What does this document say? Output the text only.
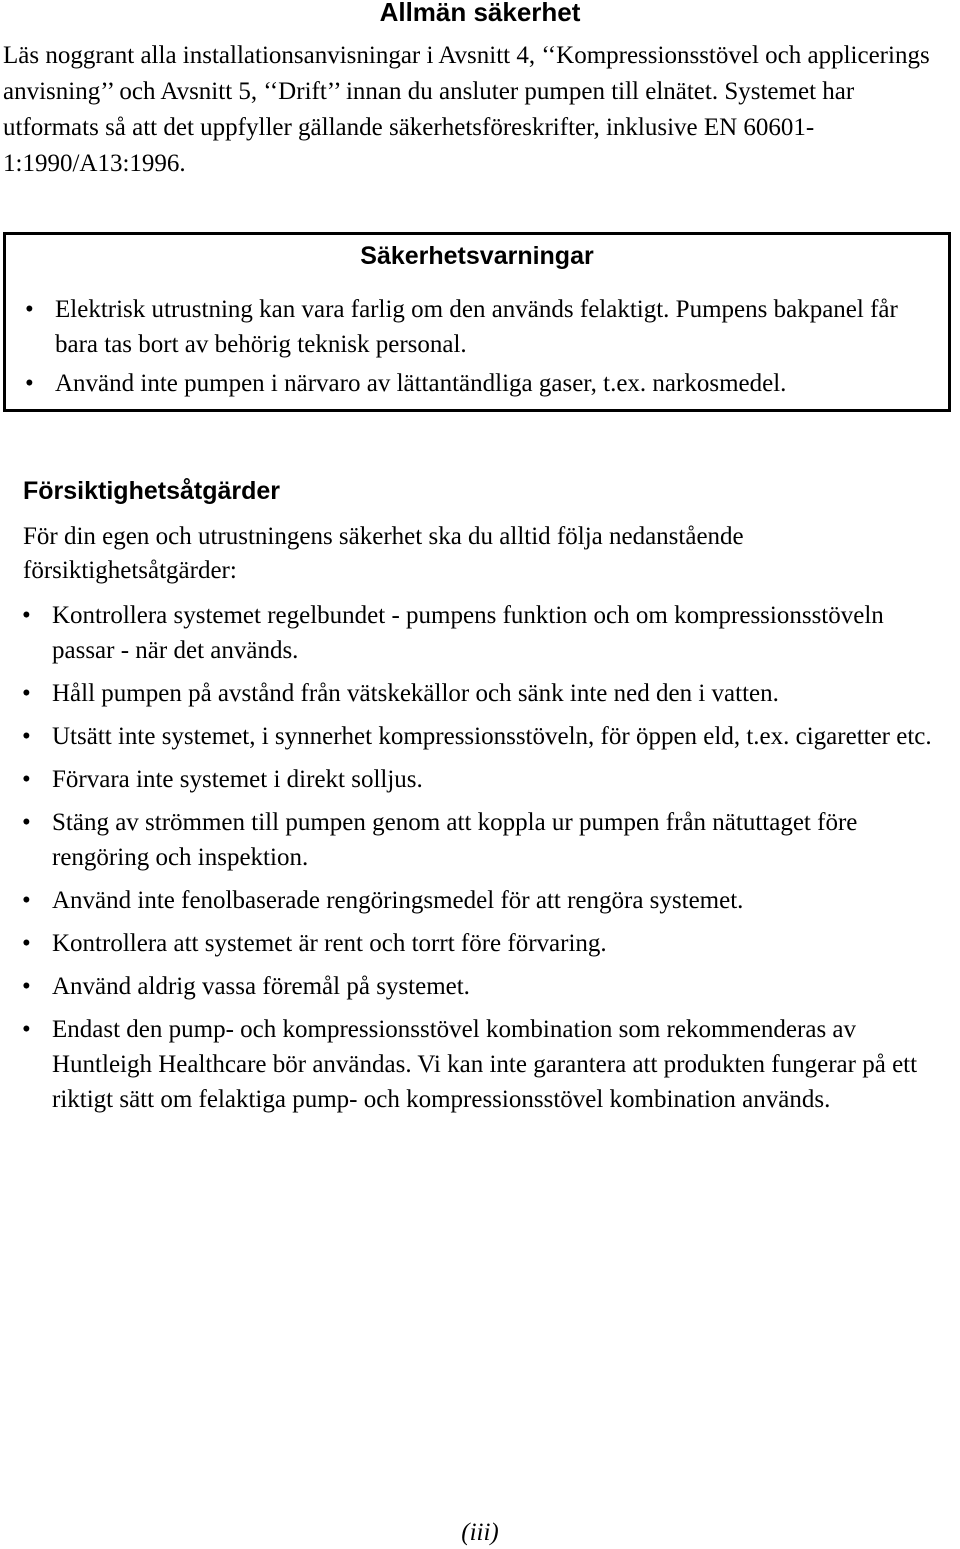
Allmän säkerhet

Läs noggrant alla installationsanvisningar i Avsnitt 4, ‘‘Kompressionsstövel och applicerings anvisning’’ och Avsnitt 5, ‘‘Drift’’ innan du ansluter pumpen till elnätet. Systemet har utformats så att det uppfyller gällande säkerhetsföreskrifter, inklusive EN 60601-1:1990/A13:1996.

Säkerhetsvarningar
• Elektrisk utrustning kan vara farlig om den används felaktigt. Pumpens bakpanel får bara tas bort av behörig teknisk personal.
• Använd inte pumpen i närvaro av lättantändliga gaser, t.ex. narkosmedel.
Försiktighetsåtgärder

För din egen och utrustningens säkerhet ska du alltid följa nedanstående försiktighetsåtgärder:

• Kontrollera systemet regelbundet - pumpens funktion och om kompressionsstöveln passar - när det används.
• Håll pumpen på avstånd från vätskekällor och sänk inte ned den i vatten.
• Utsätt inte systemet, i synnerhet kompressionsstöveln, för öppen eld, t.ex. cigaretter etc.
• Förvara inte systemet i direkt solljus.
• Stäng av strömmen till pumpen genom att koppla ur pumpen från nätuttaget före rengöring och inspektion.
• Använd inte fenolbaserade rengöringsmedel för att rengöra systemet.
• Kontrollera att systemet är rent och torrt före förvaring.
• Använd aldrig vassa föremål på systemet.
• Endast den pump- och kompressionsstövel kombination som rekommenderas av Huntleigh Healthcare bör användas. Vi kan inte garantera att produkten fungerar på ett riktigt sätt om felaktiga pump- och kompressionsstövel kombination används.
(iii)
